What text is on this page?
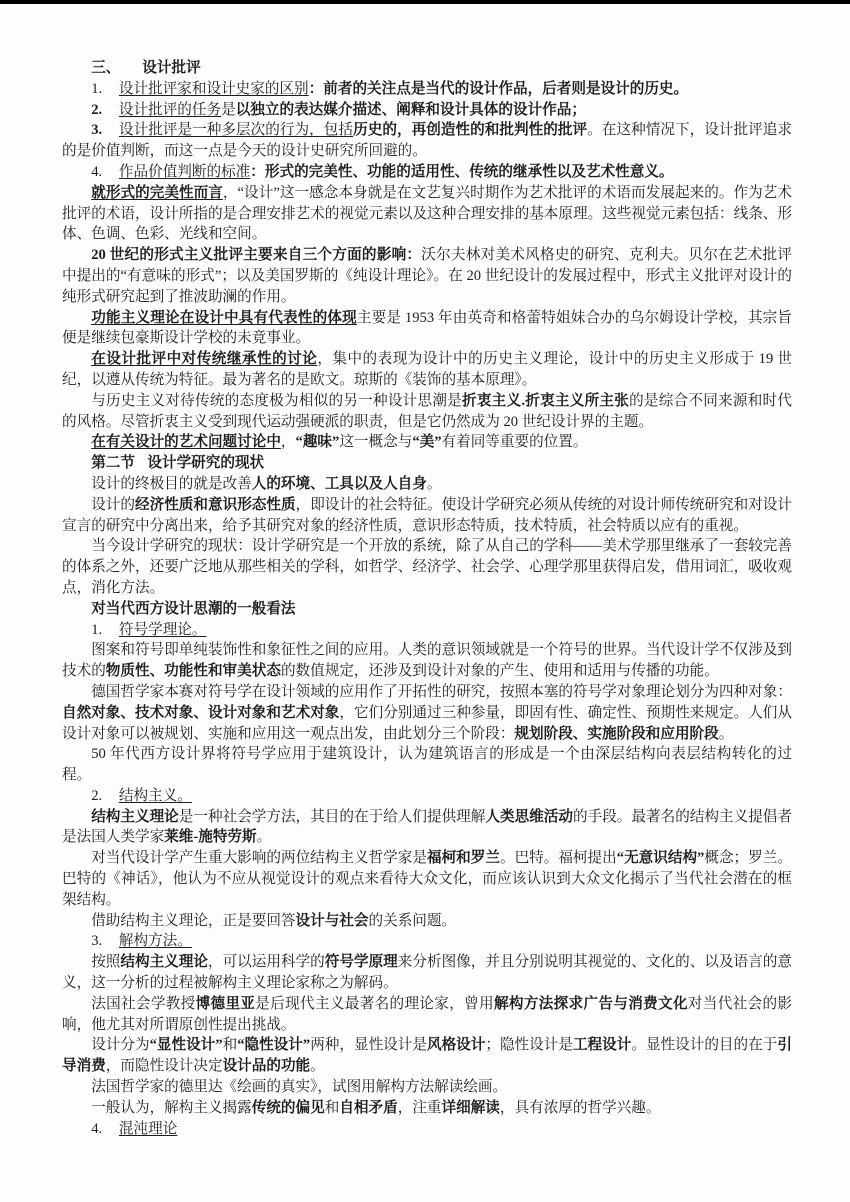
三、 设计批评

1. 设计批评家和设计史家的区别：前者的关注点是当代的设计作品，后者则是设计的历史。

2. 设计批评的任务是以独立的表达媒介描述、阐释和设计具体的设计作品；

3. 设计批评是一种多层次的行为，包括历史的，再创造性的和批判性的批评。在这种情况下，设计批评追求的是价值判断，而这一点是今天的设计史研究所回避的。

4. 作品价值判断的标准：形式的完美性、功能的适用性、传统的继承性以及艺术性意义。

就形式的完美性而言，“设计”这一感念本身就是在文艺复兴时期作为艺术批评的术语而发展起来的。作为艺术批评的术语，设计所指的是合理安排艺术的视觉元素以及这种合理安排的基本原理。这些视觉元素包括：线条、形体、色调、色彩、光线和空间。

20 世纪的形式主义批评主要来自三个方面的影响：沃尔夫林对美术风格史的研究、克利夫。贝尔在艺术批评中提出的“有意味的形式”；以及美国罗斯的《纯设计理论》。在 20 世纪设计的发展过程中，形式主义批评对设计的纯形式研究起到了推波助澜的作用。

功能主义理论在设计中具有代表性的体现主要是 1953 年由英奇和格蕾特姐妹合办的乌尔姆设计学校，其宗旨便是继续包豪斯设计学校的未竟事业。

在设计批评中对传统继承性的讨论，集中的表现为设计中的历史主义理论，设计中的历史主义形成于 19 世纪，以遵从传统为特征。最为著名的是欧文。琼斯的《装饰的基本原理》。

与历史主义对待传统的态度极为相似的另一种设计思潮是折衷主义.折衷主义所主张的是综合不同来源和时代的风格。尽管折衷主义受到现代运动强硬派的职责，但是它仍然成为 20 世纪设计界的主题。

在有关设计的艺术问题讨论中，“趣味”这一概念与“美”有着同等重要的位置。

第二节 设计学研究的现状

设计的终极目的就是改善人的环境、工具以及人自身。

设计的经济性质和意识形态性质，即设计的社会特征。使设计学研究必须从传统的对设计师传统研究和对设计宣言的研究中分离出来，给予其研究对象的经济性质，意识形态特质，技术特质，社会特质以应有的重视。

当今设计学研究的现状：设计学研究是一个开放的系统，除了从自己的学科——美术学那里继承了一套较完善的体系之外，还要广泛地从那些相关的学科，如哲学、经济学、社会学、心理学那里获得启发，借用词汇，吸收观点，消化方法。

对当代西方设计思潮的一般看法

1. 符号学理论。

图案和符号即单纯装饰性和象征性之间的应用。人类的意识领域就是一个符号的世界。当代设计学不仅涉及到技术的物质性、功能性和审美状态的数值规定，还涉及到设计对象的产生、使用和适用与传播的功能。

德国哲学家本赛对符号学在设计领域的应用作了开拓性的研究，按照本塞的符号学对象理论划分为四种对象：自然对象、技术对象、设计对象和艺术对象，它们分别通过三种参量，即固有性、确定性、预期性来规定。人们从设计对象可以被规划、实施和应用这一观点出发，由此划分三个阶段：规划阶段、实施阶段和应用阶段。

50 年代西方设计界将符号学应用于建筑设计，认为建筑语言的形成是一个由深层结构向表层结构转化的过程。

2. 结构主义。

结构主义理论是一种社会学方法，其目的在于给人们提供理解人类思维活动的手段。最著名的结构主义提倡者是法国人类学家莱维-施特劳斯。

对当代设计学产生重大影响的两位结构主义哲学家是福柯和罗兰。巴特。福柯提出“无意识结构”概念；罗兰。巴特的《神话》，他认为不应从视觉设计的观点来看待大众文化，而应该认识到大众文化揭示了当代社会潜在的框架结构。

借助结构主义理论，正是要回答设计与社会的关系问题。

3. 解构方法。

按照结构主义理论，可以运用科学的符号学原理来分析图像，并且分别说明其视觉的、文化的、以及语言的意义，这一分析的过程被解构主义理论家称之为解码。

法国社会学教授博德里亚是后现代主义最著名的理论家，曾用解构方法探求广告与消费文化对当代社会的影响，他尤其对所谓原创性提出挑战。

设计分为“显性设计”和“隐性设计”两种，显性设计是风格设计；隐性设计是工程设计。显性设计的目的在于引导消费，而隐性设计决定设计品的功能。

法国哲学家的德里达《绘画的真实》，试图用解构方法解读绘画。

一般认为，解构主义揭露传统的偏见和自相矛盾，注重详细解读，具有浓厚的哲学兴趣。

4. 混沌理论
